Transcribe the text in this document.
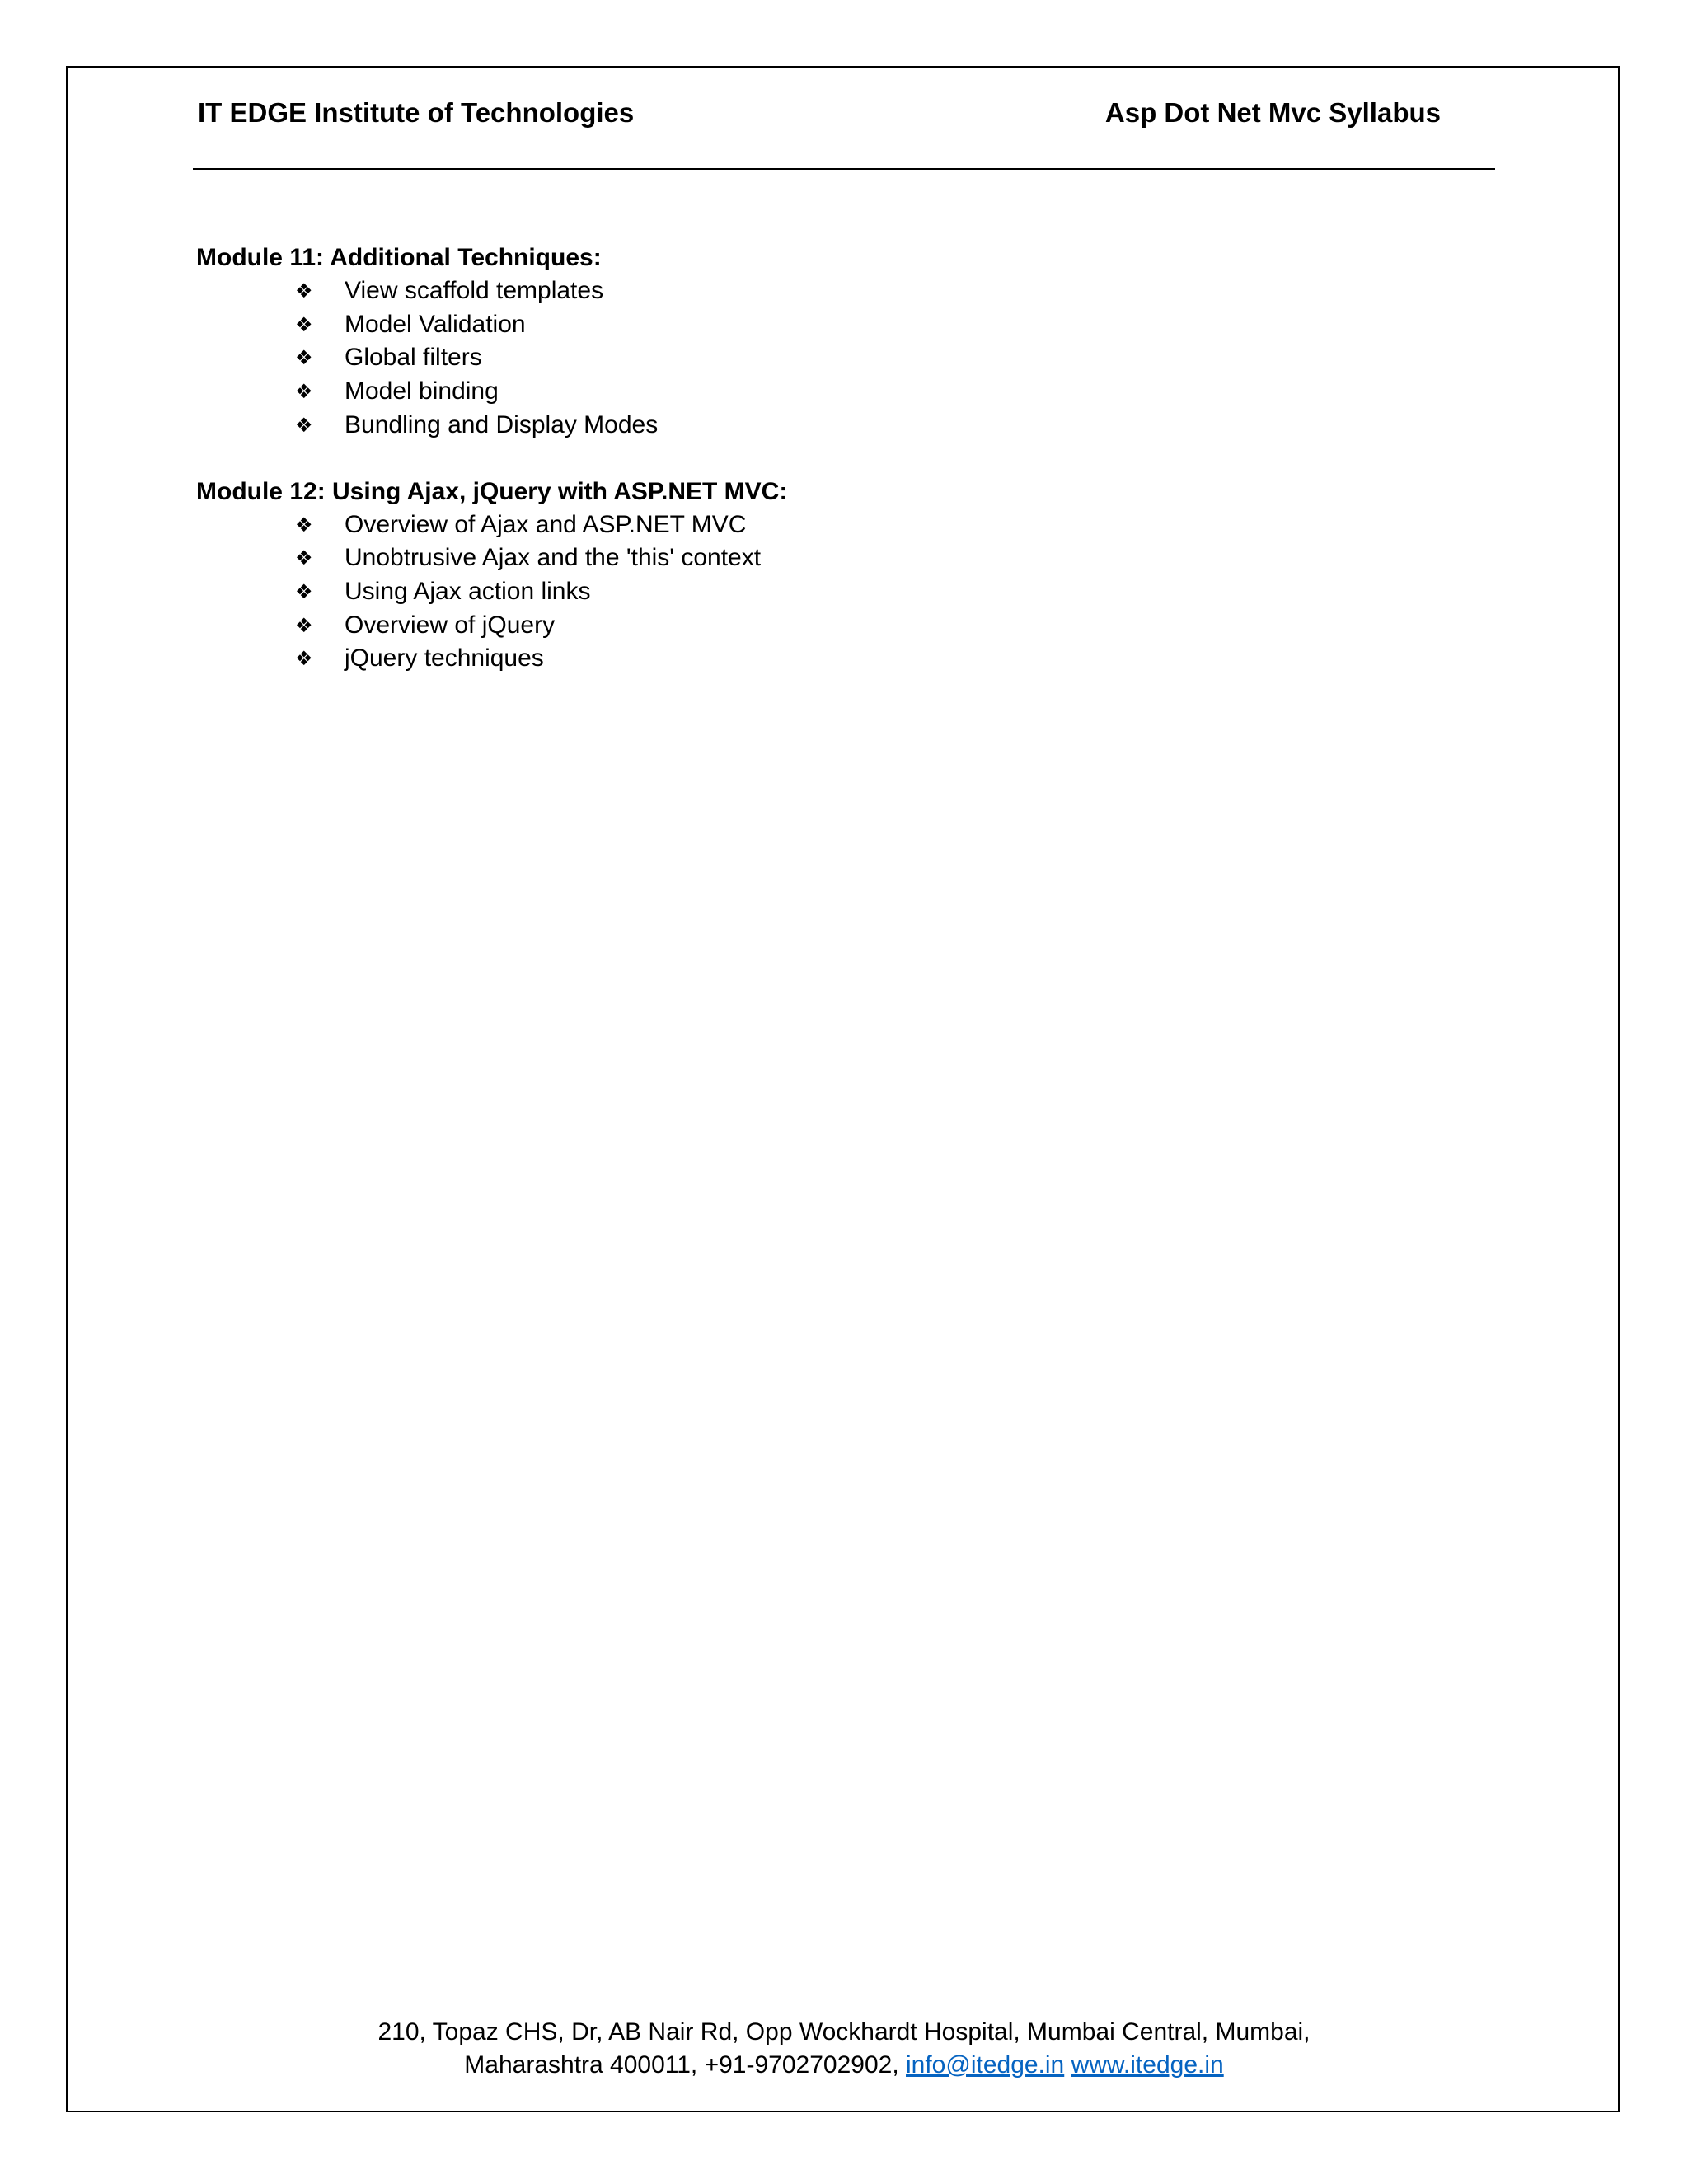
IT EDGE Institute of Technologies	Asp Dot Net Mvc Syllabus
Module 11: Additional Techniques:
❖ View scaffold templates
❖ Model Validation
❖ Global filters
❖ Model binding
❖ Bundling and Display Modes
Module 12: Using Ajax, jQuery with ASP.NET MVC:
❖ Overview of Ajax and ASP.NET MVC
❖ Unobtrusive Ajax and the 'this' context
❖ Using Ajax action links
❖ Overview of jQuery
❖ jQuery techniques
210, Topaz CHS, Dr, AB Nair Rd, Opp Wockhardt Hospital, Mumbai Central, Mumbai,
Maharashtra 400011, +91-9702702902, info@itedge.in www.itedge.in
